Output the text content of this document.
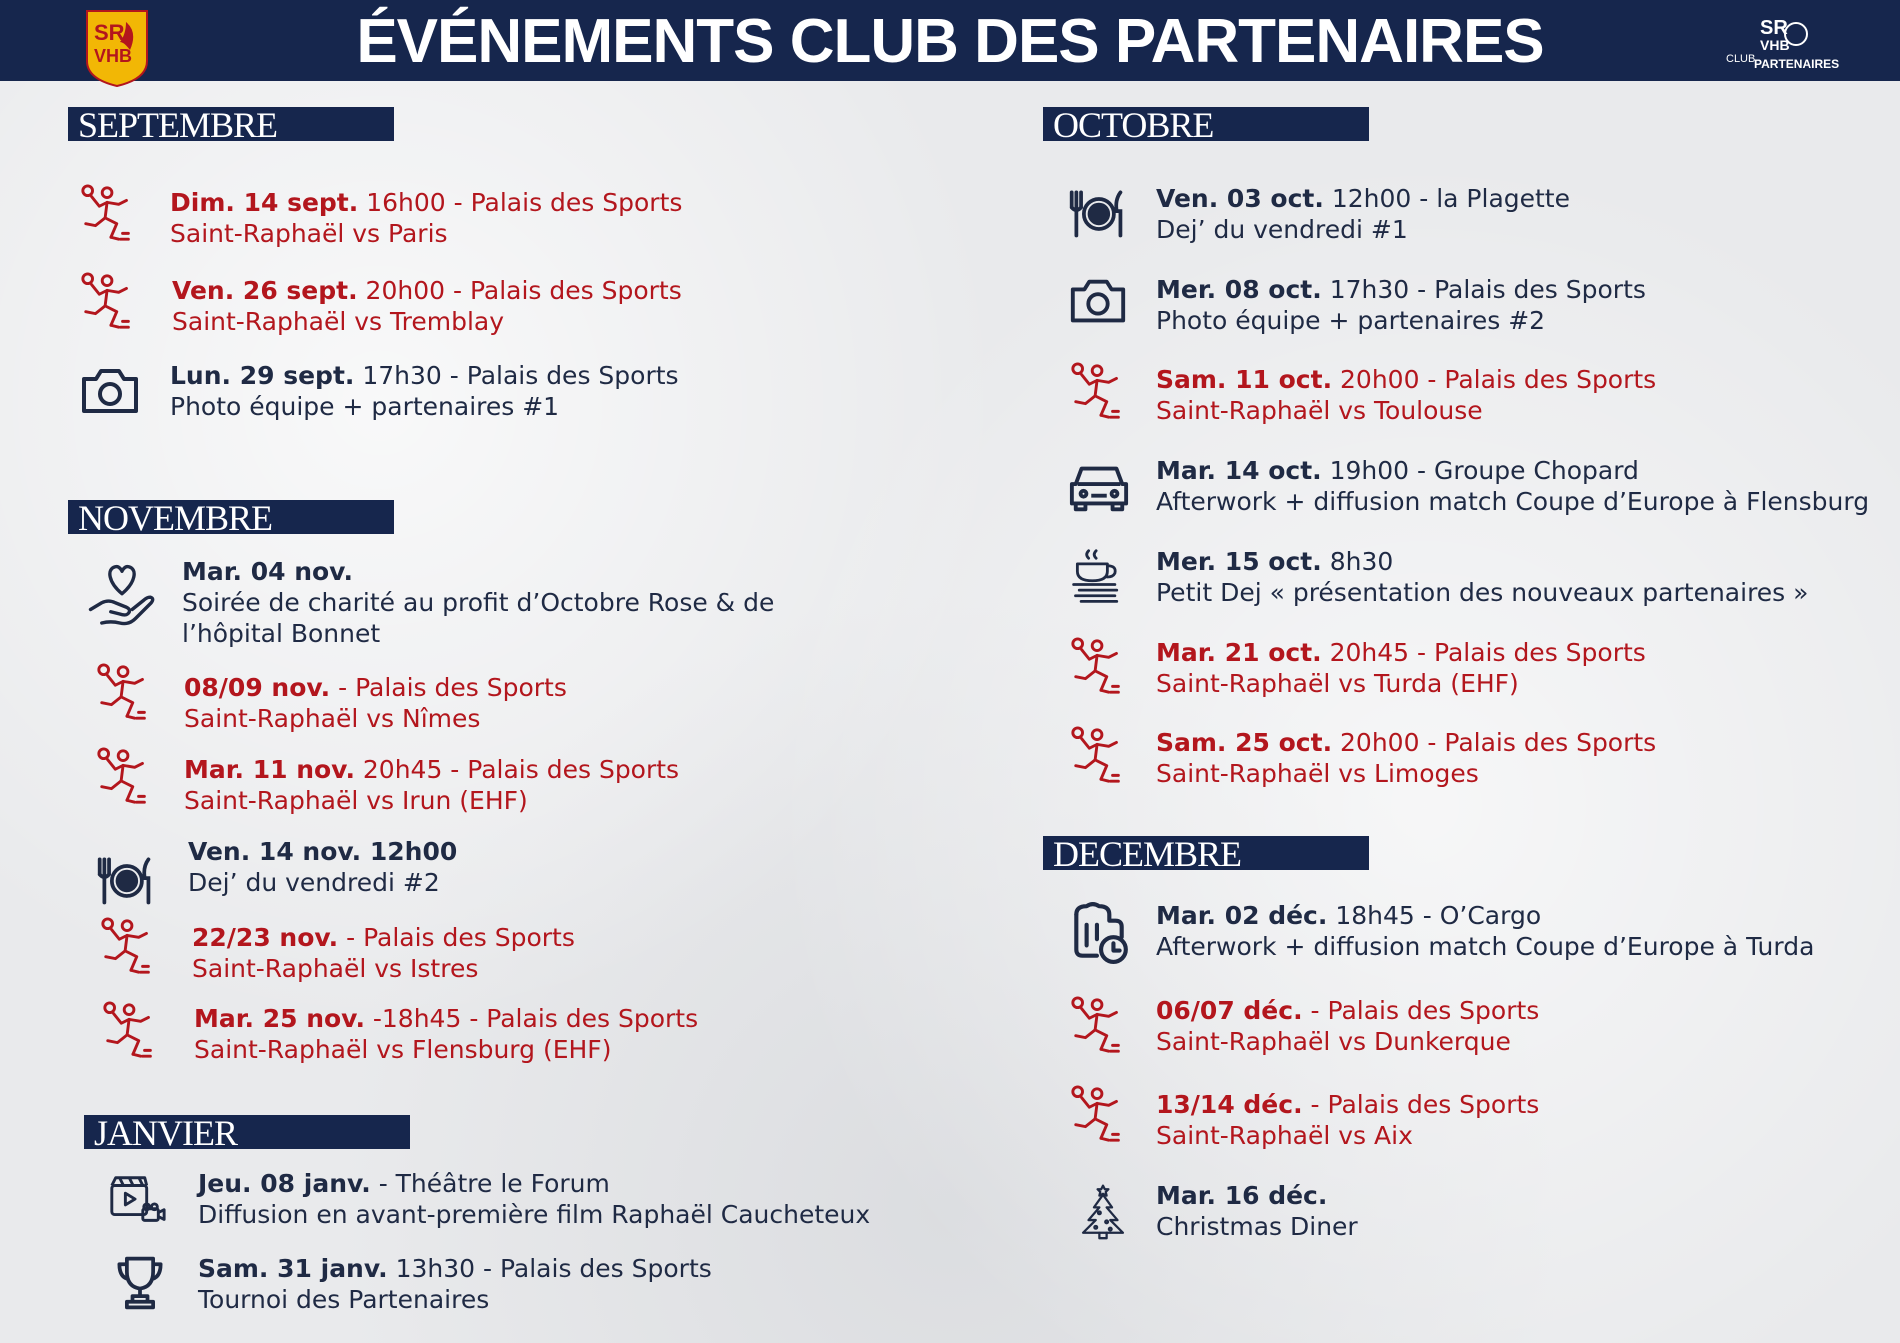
SR
VHB	ÉVÉNEMENTS CLUB DES PARTENAIRES	SR
VHB
CLUB
PARTENAIRES
SEPTEMBRE
NOVEMBRE
JANVIER
OCTOBRE
DECEMBRE
Dim. 14 sept. 16h00 - Palais des Sports
Saint-Raphaël vs Paris
Ven. 26 sept. 20h00 - Palais des Sports
Saint-Raphaël vs Tremblay
Lun. 29 sept. 17h30 - Palais des Sports
Photo équipe + partenaires #1
Mar. 04 nov.
Soirée de charité au profit d’Octobre Rose & de
l’hôpital Bonnet
08/09 nov. - Palais des Sports
Saint-Raphaël vs Nîmes
Mar. 11 nov. 20h45 - Palais des Sports
Saint-Raphaël vs Irun (EHF)
Ven. 14 nov. 12h00
Dej’ du vendredi #2
22/23 nov. - Palais des Sports
Saint-Raphaël vs Istres
Mar. 25 nov. -18h45 - Palais des Sports
Saint-Raphaël vs Flensburg (EHF)
Jeu. 08 janv. - Théâtre le Forum
Diffusion en avant-première film Raphaël Caucheteux
Sam. 31 janv. 13h30 - Palais des Sports
Tournoi des Partenaires
Ven. 03 oct. 12h00 - la Plagette
Dej’ du vendredi #1
Mer. 08 oct. 17h30 - Palais des Sports
Photo équipe + partenaires #2
Sam. 11 oct. 20h00 - Palais des Sports
Saint-Raphaël vs Toulouse
Mar. 14 oct. 19h00 - Groupe Chopard
Afterwork + diffusion match Coupe d’Europe à Flensburg
Mer. 15 oct. 8h30
Petit Dej « présentation des nouveaux partenaires »
Mar. 21 oct. 20h45 - Palais des Sports
Saint-Raphaël vs Turda (EHF)
Sam. 25 oct. 20h00 - Palais des Sports
Saint-Raphaël vs Limoges
Mar. 02 déc. 18h45 - O’Cargo
Afterwork + diffusion match Coupe d’Europe à Turda
06/07 déc. - Palais des Sports
Saint-Raphaël vs Dunkerque
13/14 déc. - Palais des Sports
Saint-Raphaël vs Aix
Mar. 16 déc.
Christmas Diner
